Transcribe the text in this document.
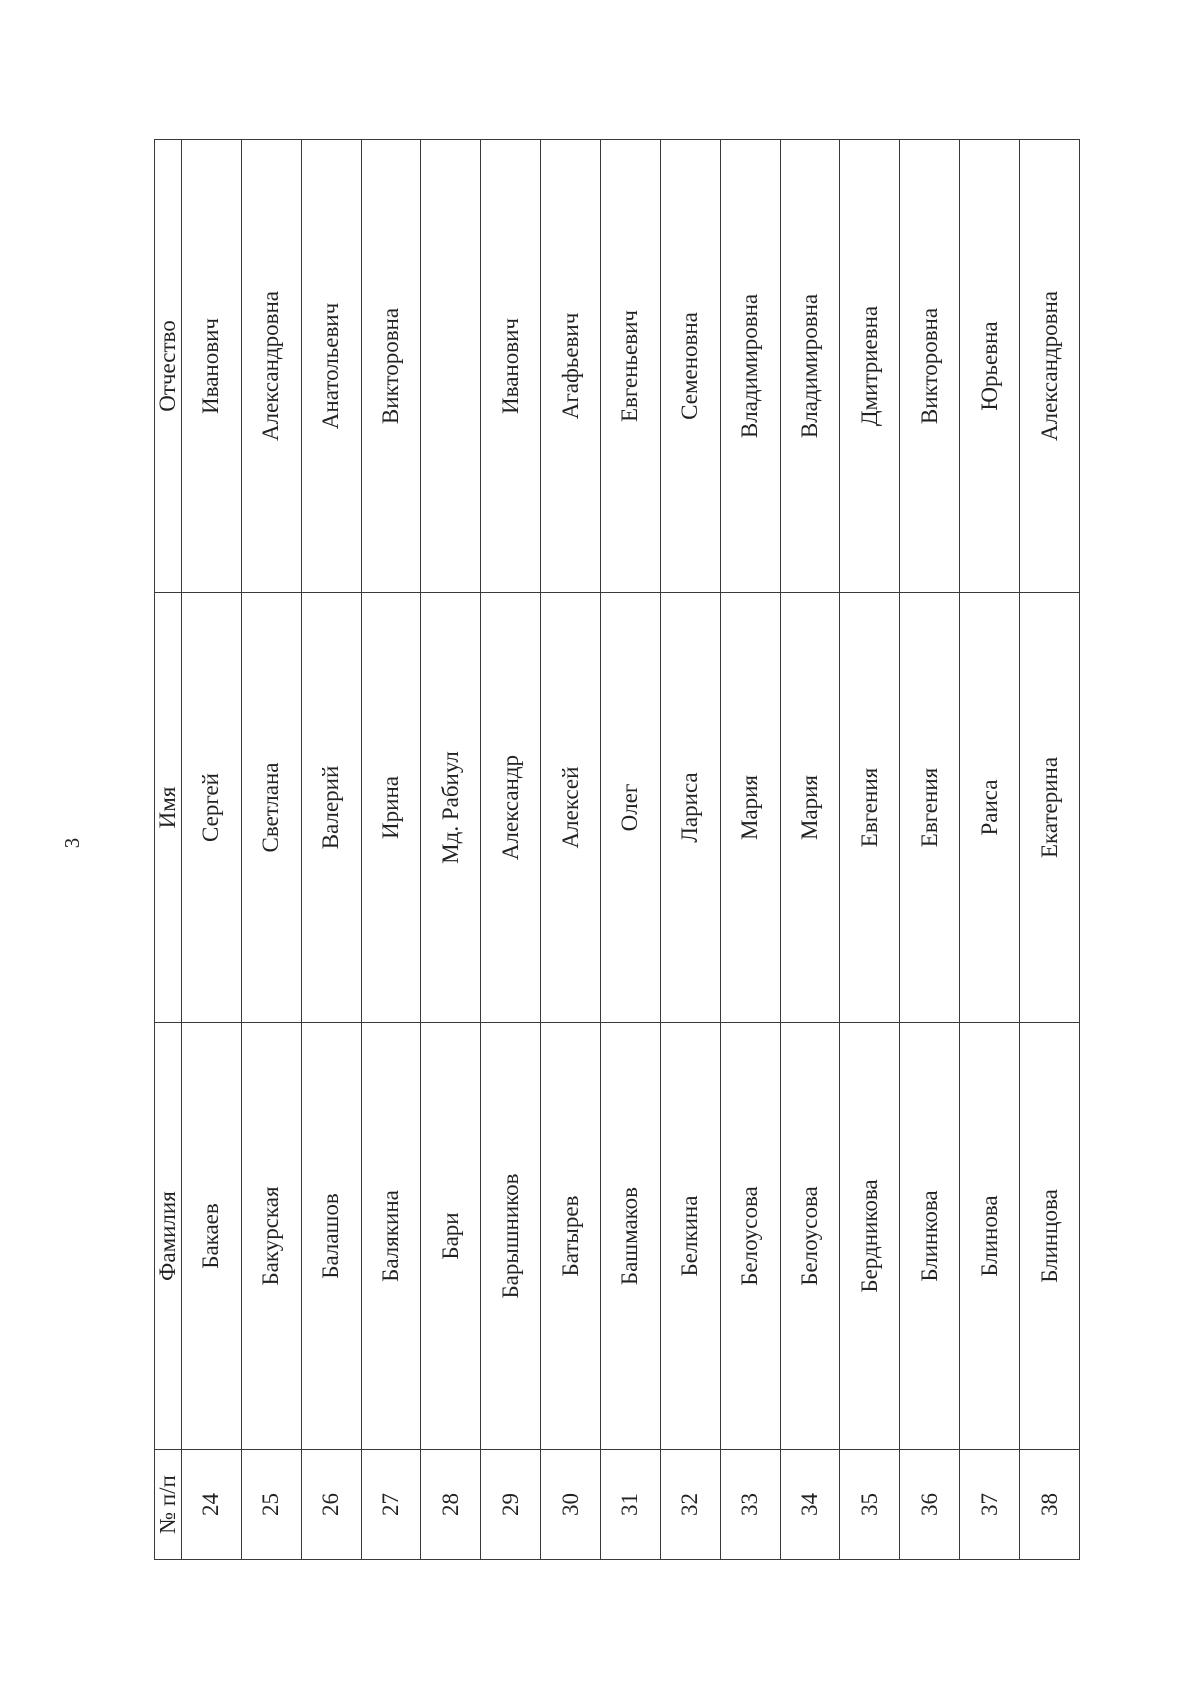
3
№ п/п	Фамилия	Имя	Отчество
24	Бакаев	Сергей	Иванович
25	Бакурская	Светлана	Александровна
26	Балашов	Валерий	Анатольевич
27	Балякина	Ирина	Викторовна
28	Бари	Мд. Рабиул	
29	Барышников	Александр	Иванович
30	Батырев	Алексей	Агафьевич
31	Башмаков	Олег	Евгеньевич
32	Белкина	Лариса	Семеновна
33	Белоусова	Мария	Владимировна
34	Белоусова	Мария	Владимировна
35	Бердникова	Евгения	Дмитриевна
36	Блинкова	Евгения	Викторовна
37	Блинова	Раиса	Юрьевна
38	Блинцова	Екатерина	Александровна
